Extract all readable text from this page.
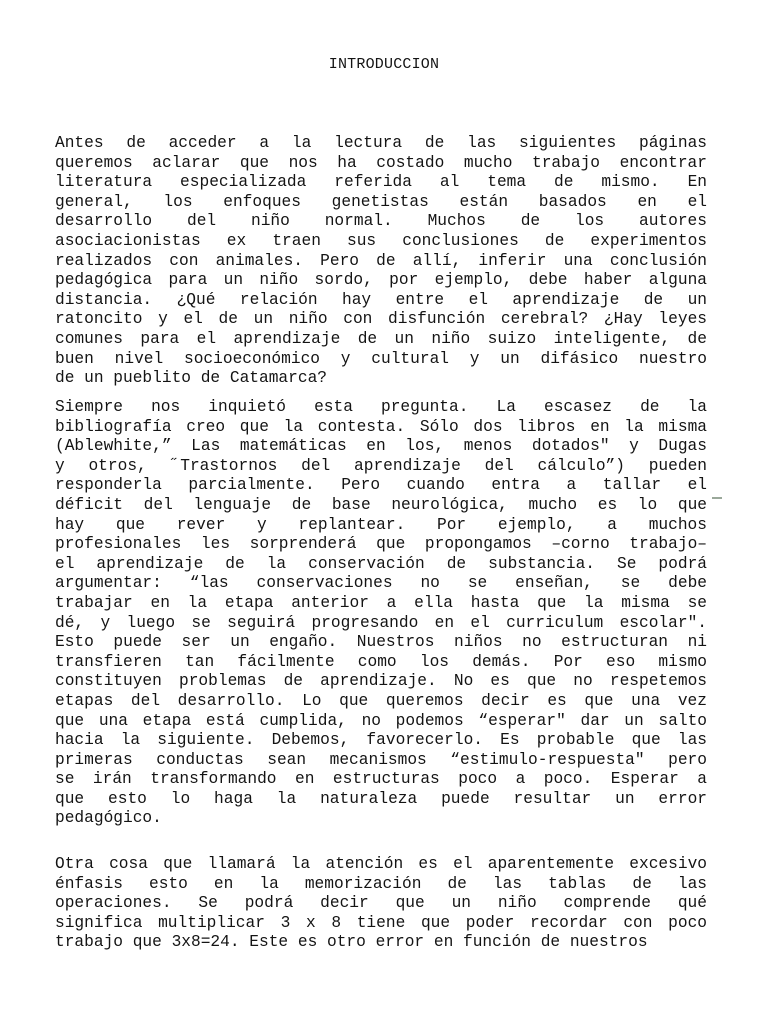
INTRODUCCION
Antes de acceder a la lectura de las siguientes páginas
queremos aclarar que nos ha costado mucho trabajo encontrar
literatura especializada referida al tema de mismo. En
general, los enfoques genetistas están basados en el
desarrollo del niño normal. Muchos de los autores
asociacionistas ex traen sus conclusiones de experimentos
realizados con animales. Pero de allí, inferir una conclusión
pedagógica para un niño sordo, por ejemplo, debe haber alguna
distancia. ¿Qué relación hay entre el aprendizaje de un
ratoncito y el de un niño con disfunción cerebral? ¿Hay leyes
comunes para el aprendizaje de un niño suizo inteligente, de
buen nivel socioeconómico y cultural y un difásico nuestro
de un pueblito de Catamarca?
Siempre nos inquietó esta pregunta. La escasez de la
bibliografía creo que la contesta. Sólo dos libros en la misma
(Ablewhite,” Las matemáticas en los, menos dotados" y Dugas
y otros, ˝Trastornos del aprendizaje del cálculo”) pueden
responderla parcialmente. Pero cuando entra a tallar el
déficit del lenguaje de base neurológica, mucho es lo que
hay que rever y replantear. Por ejemplo, a muchos
profesionales les sorprenderá que propongamos –corno trabajo–
el aprendizaje de la conservación de substancia. Se podrá
argumentar: “las conservaciones no se enseñan, se debe
trabajar en la etapa anterior a ella hasta que la misma se
dé, y luego se seguirá progresando en el curriculum escolar".
Esto puede ser un engaño. Nuestros niños no estructuran ni
transfieren tan fácilmente como los demás. Por eso mismo
constituyen problemas de aprendizaje. No es que no respetemos
etapas del desarrollo. Lo que queremos decir es que una vez
que una etapa está cumplida, no podemos “esperar" dar un salto
hacia la siguiente. Debemos, favorecerlo. Es probable que las
primeras conductas sean mecanismos “estimulo-respuesta" pero
se irán transformando en estructuras poco a poco. Esperar a
que esto lo haga la naturaleza puede resultar un error
pedagógico.
Otra cosa que llamará la atención es el aparentemente excesivo
énfasis esto en la memorización de las tablas de las
operaciones. Se podrá decir que un niño comprende qué
significa multiplicar 3 x 8 tiene que poder recordar con poco
trabajo que 3x8=24. Este es otro error en función de nuestros
